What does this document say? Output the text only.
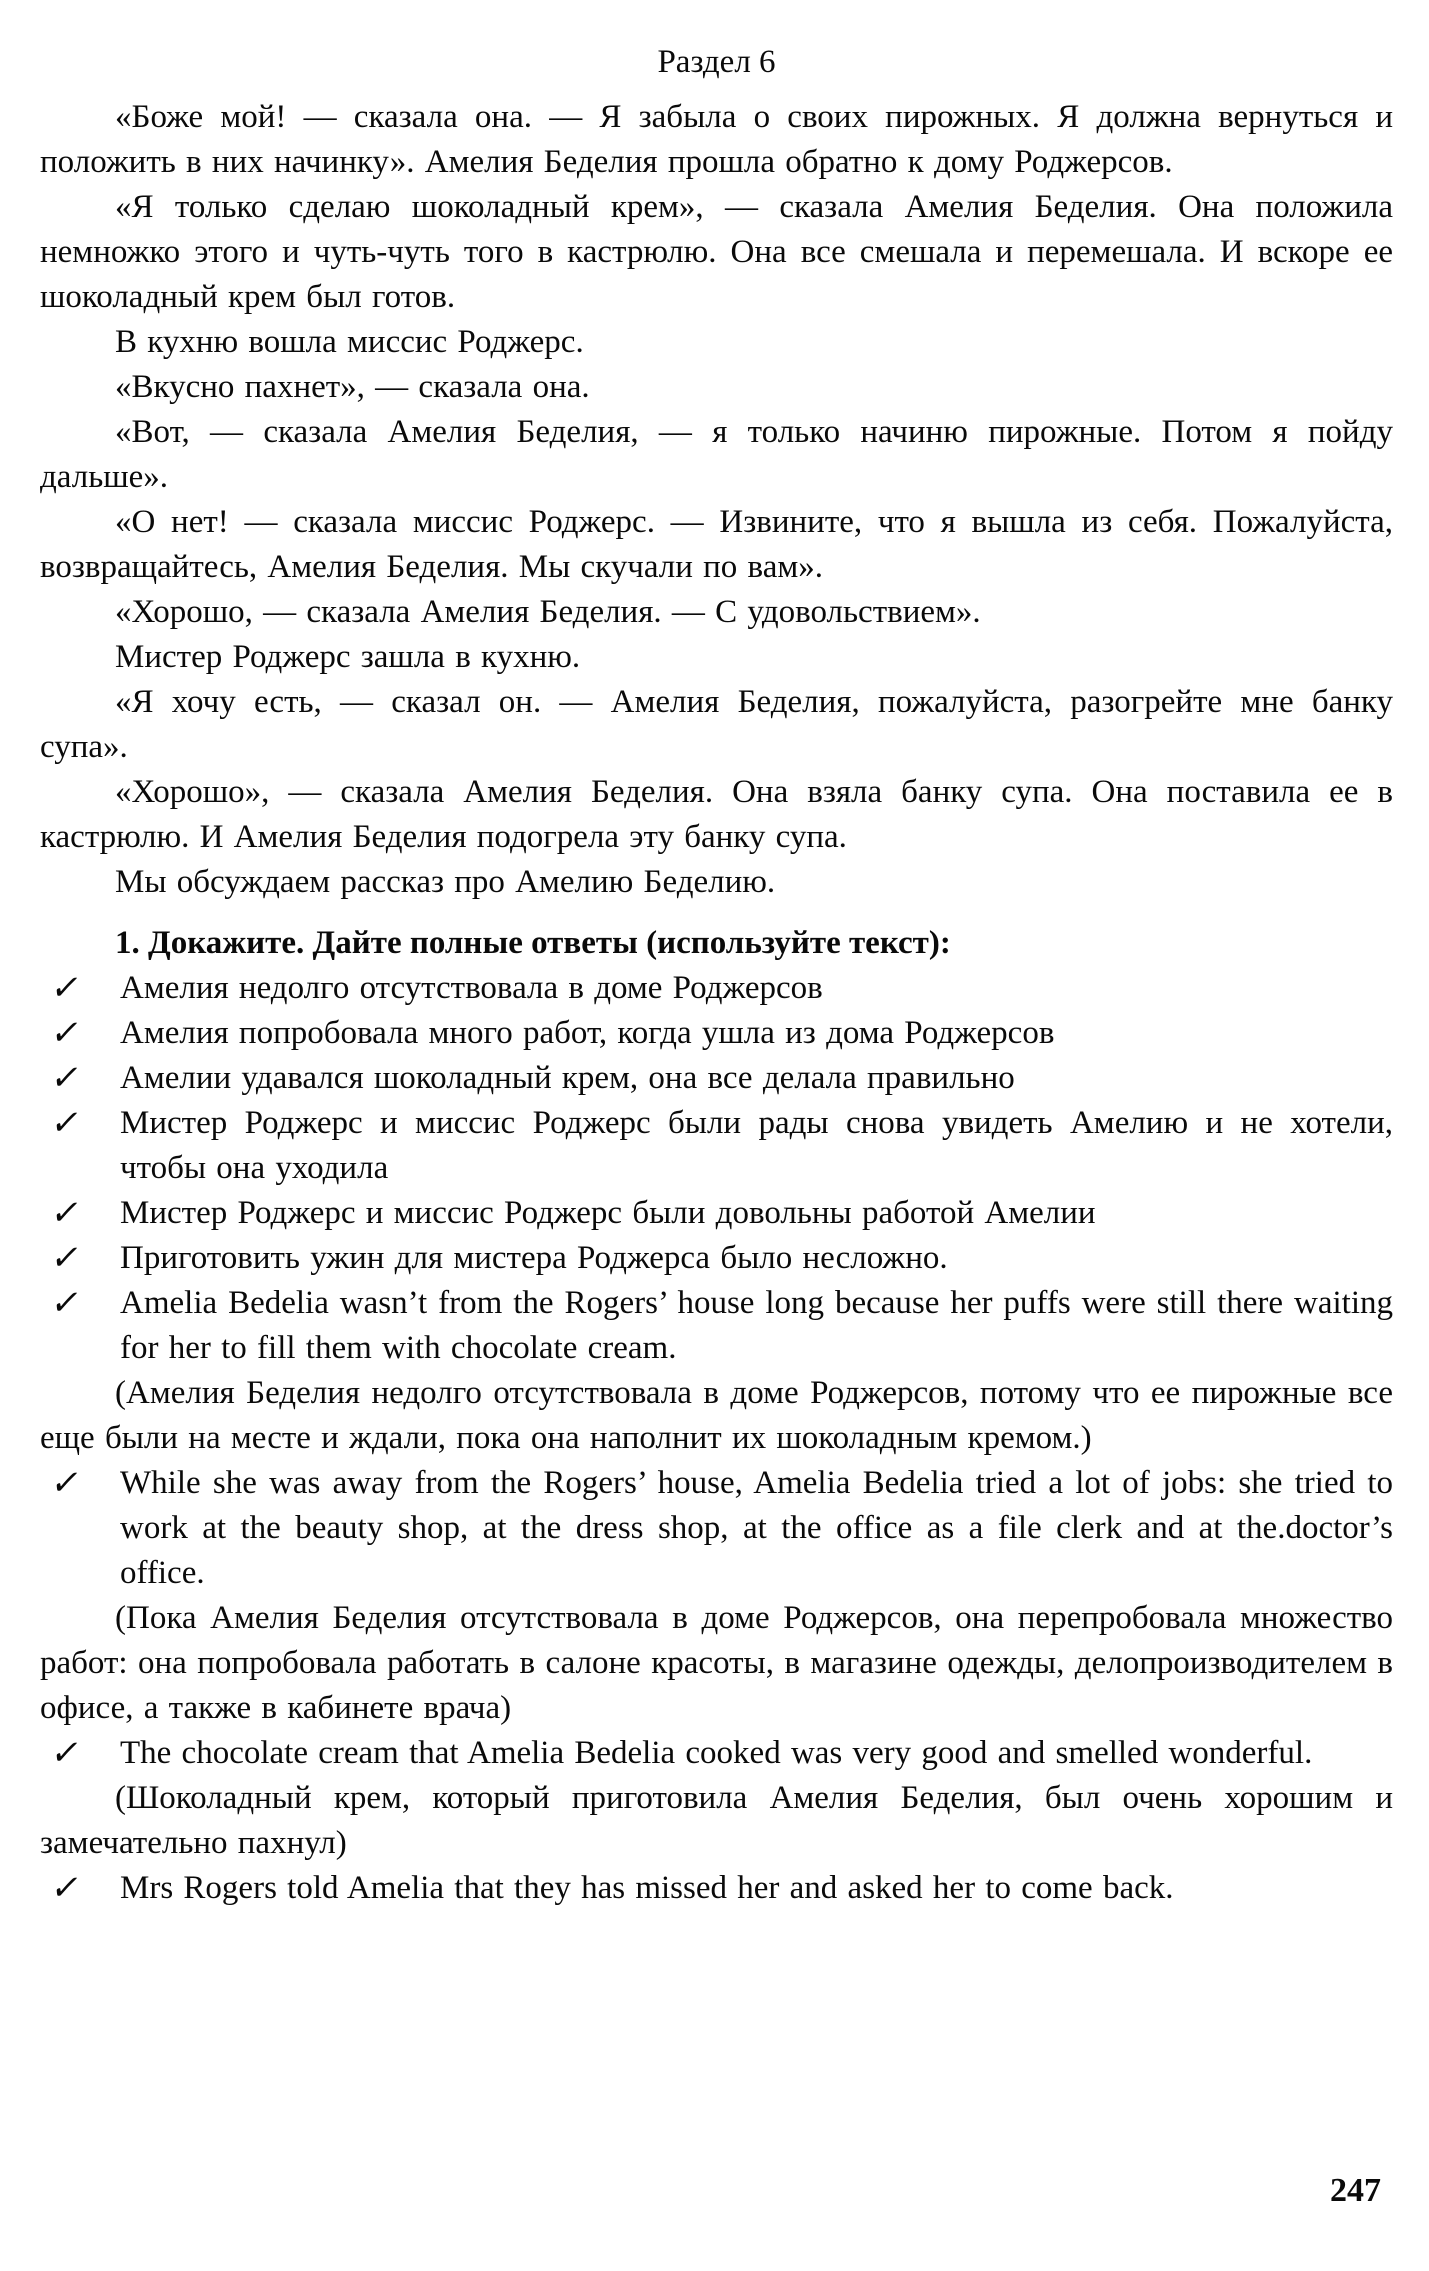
Раздел 6

«Боже мой! — сказала она. — Я забыла о своих пирожных. Я должна вернуться и положить в них начинку». Амелия Беделия прошла обратно к дому Роджерсов.

«Я только сделаю шоколадный крем», — сказала Амелия Беделия. Она положила немножко этого и чуть-чуть того в кастрюлю. Она все смешала и перемешала. И вскоре ее шоколадный крем был готов.

В кухню вошла миссис Роджерс.

«Вкусно пахнет», — сказала она.

«Вот, — сказала Амелия Беделия, — я только начиню пирожные. Потом я пойду дальше».

«О нет! — сказала миссис Роджерс. — Извините, что я вышла из себя. Пожалуйста, возвращайтесь, Амелия Беделия. Мы скучали по вам».

«Хорошо, — сказала Амелия Беделия. — С удовольствием».

Мистер Роджерс зашла в кухню.

«Я хочу есть, — сказал он. — Амелия Беделия, пожалуйста, разогрейте мне банку супа».

«Хорошо», — сказала Амелия Беделия. Она взяла банку супа. Она поставила ее в кастрюлю. И Амелия Беделия подогрела эту банку супа.

Мы обсуждаем рассказ про Амелию Беделию.

1. Докажите. Дайте полные ответы (используйте текст):

✓ Амелия недолго отсутствовала в доме Роджерсов
✓ Амелия попробовала много работ, когда ушла из дома Роджерсов
✓ Амелии удавался шоколадный крем, она все делала правильно
✓ Мистер Роджерс и миссис Роджерс были рады снова увидеть Амелию и не хотели, чтобы она уходила
✓ Мистер Роджерс и миссис Роджерс были довольны работой Амелии
✓ Приготовить ужин для мистера Роджерса было несложно.
✓ Amelia Bedelia wasn’t from the Rogers’ house long because her puffs were still there waiting for her to fill them with chocolate cream.

(Амелия Беделия недолго отсутствовала в доме Роджерсов, потому что ее пирожные все еще были на месте и ждали, пока она наполнит их шоколадным кремом.)

✓ While she was away from the Rogers’ house, Amelia Bedelia tried a lot of jobs: she tried to work at the beauty shop, at the dress shop, at the office as a file clerk and at the.doctor’s office.

(Пока Амелия Беделия отсутствовала в доме Роджерсов, она перепробовала множество работ: она попробовала работать в салоне красоты, в магазине одежды, делопроизводителем в офисе, а также в кабинете врача)

✓ The chocolate cream that Amelia Bedelia cooked was very good and smelled wonderful.

(Шоколадный крем, который приготовила Амелия Беделия, был очень хорошим и замечательно пахнул)

✓ Mrs Rogers told Amelia that they has missed her and asked her to come back.
247
